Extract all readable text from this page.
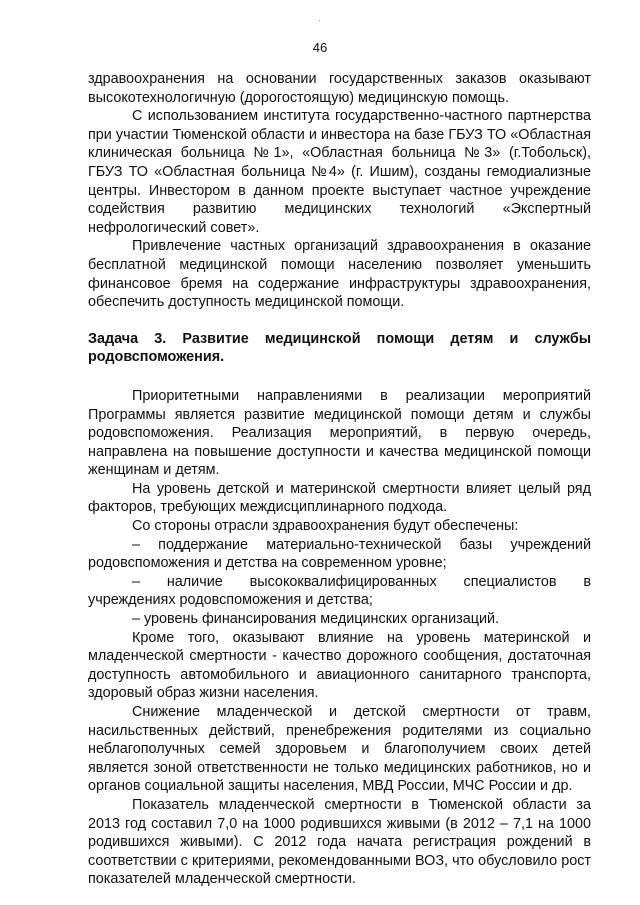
·
46

здравоохранения на основании государственных заказов оказывают высокотехнологичную (дорогостоящую) медицинскую помощь.

С использованием института государственно-частного партнерства при участии Тюменской области и инвестора на базе ГБУЗ ТО «Областная клиническая больница №1», «Областная больница №3» (г.Тобольск), ГБУЗ ТО «Областная больница №4» (г. Ишим), созданы гемодиализные центры. Инвестором в данном проекте выступает частное учреждение содействия развитию медицинских технологий «Экспертный нефрологический совет».

Привлечение частных организаций здравоохранения в оказание бесплатной медицинской помощи населению позволяет уменьшить финансовое бремя на содержание инфраструктуры здравоохранения, обеспечить доступность медицинской помощи.

Задача 3. Развитие медицинской помощи детям и службы родовспоможения.

Приоритетными направлениями в реализации мероприятий Программы является развитие медицинской помощи детям и службы родовспоможения. Реализация мероприятий, в первую очередь, направлена на повышение доступности и качества медицинской помощи женщинам и детям.

На уровень детской и материнской смертности влияет целый ряд факторов, требующих междисциплинарного подхода.

Со стороны отрасли здравоохранения будут обеспечены:

– поддержание материально-технической базы учреждений родовспоможения и детства на современном уровне;

– наличие высококвалифицированных специалистов в учреждениях родовспоможения и детства;

– уровень финансирования медицинских организаций.

Кроме того, оказывают влияние на уровень материнской и младенческой смертности - качество дорожного сообщения, достаточная доступность автомобильного и авиационного санитарного транспорта, здоровый образ жизни населения.

Снижение младенческой и детской смертности от травм, насильственных действий, пренебрежения родителями из социально неблагополучных семей здоровьем и благополучием своих детей является зоной ответственности не только медицинских работников, но и органов социальной защиты населения, МВД России, МЧС России и др.

Показатель младенческой смертности в Тюменской области за 2013 год составил 7,0 на 1000 родившихся живыми (в 2012 – 7,1 на 1000 родившихся живыми). С 2012 года начата регистрация рождений в соответствии с критериями, рекомендованными ВОЗ, что обусловило рост показателей младенческой смертности.
